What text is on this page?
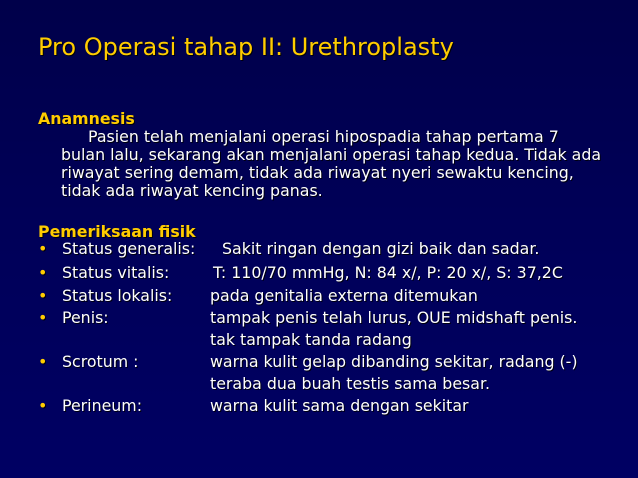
Pro Operasi tahap II: Urethroplasty
Anamnesis
Pasien telah menjalani operasi hipospadia tahap pertama 7
bulan lalu, sekarang akan menjalani operasi tahap kedua. Tidak ada
riwayat sering demam, tidak ada riwayat nyeri sewaktu kencing,
tidak ada riwayat kencing panas.
Pemeriksaan fisik
• Status generalis: Sakit ringan dengan gizi baik dan sadar.
• Status vitalis:	T: 110/70 mmHg, N: 84 x/, P: 20 x/, S: 37,2C
• Status lokalis: pada genitalia externa ditemukan
• Penis:	tampak penis telah lurus, OUE midshaft penis.
tak tampak tanda radang
• Scrotum :	warna kulit gelap dibanding sekitar, radang (-)
teraba dua buah testis sama besar.
• Perineum:	warna kulit sama dengan sekitar
